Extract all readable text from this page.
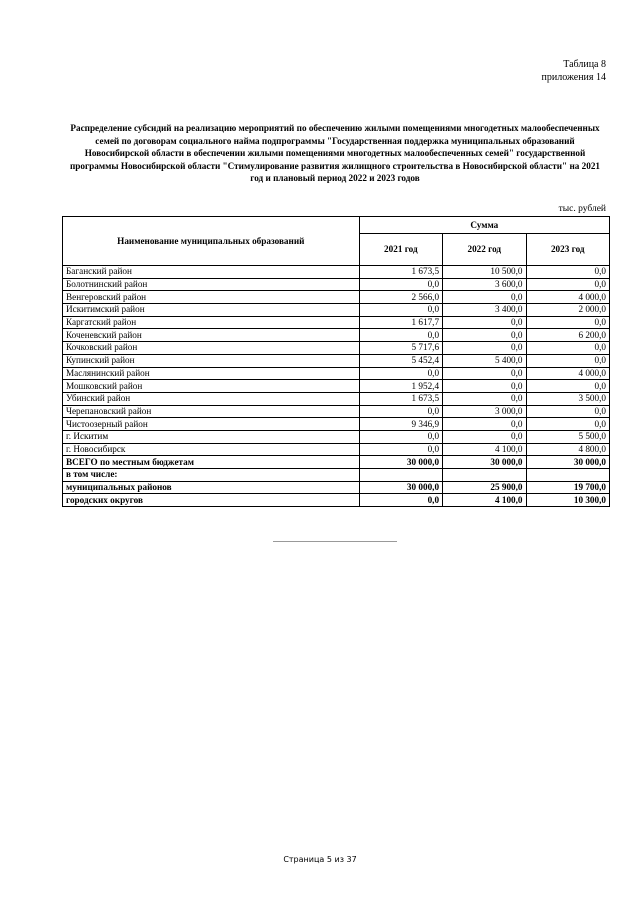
Таблица 8
приложения 14
Распределение субсидий на реализацию мероприятий по обеспечению жилыми помещениями многодетных малообеспеченных семей по договорам социального найма подпрограммы "Государственная поддержка муниципальных образований Новосибирской области в обеспечении жилыми помещениями многодетных малообеспеченных семей" государственной программы Новосибирской области "Стимулирование развития жилищного строительства в Новосибирской области" на 2021 год и плановый период 2022 и 2023 годов
тыс. рублей
Наименование муниципальных образований	Сумма		
	2021 год	2022 год	2023 год
Баганский район	1 673,5	10 500,0	0,0
Болотнинский район	0,0	3 600,0	0,0
Венгеровский район	2 566,0	0,0	4 000,0
Искитимский район	0,0	3 400,0	2 000,0
Каргатский район	1 617,7	0,0	0,0
Коченевский район	0,0	0,0	6 200,0
Кочковский район	5 717,6	0,0	0,0
Купинский район	5 452,4	5 400,0	0,0
Маслянинский район	0,0	0,0	4 000,0
Мошковский район	1 952,4	0,0	0,0
Убинский район	1 673,5	0,0	3 500,0
Черепановский район	0,0	3 000,0	0,0
Чистоозерный район	9 346,9	0,0	0,0
г. Искитим	0,0	0,0	5 500,0
г. Новосибирск	0,0	4 100,0	4 800,0
ВСЕГО по местным бюджетам	30 000,0	30 000,0	30 000,0
в том числе:			
муниципальных районов	30 000,0	25 900,0	19 700,0
городских округов	0,0	4 100,0	10 300,0
Страница 5 из 37
